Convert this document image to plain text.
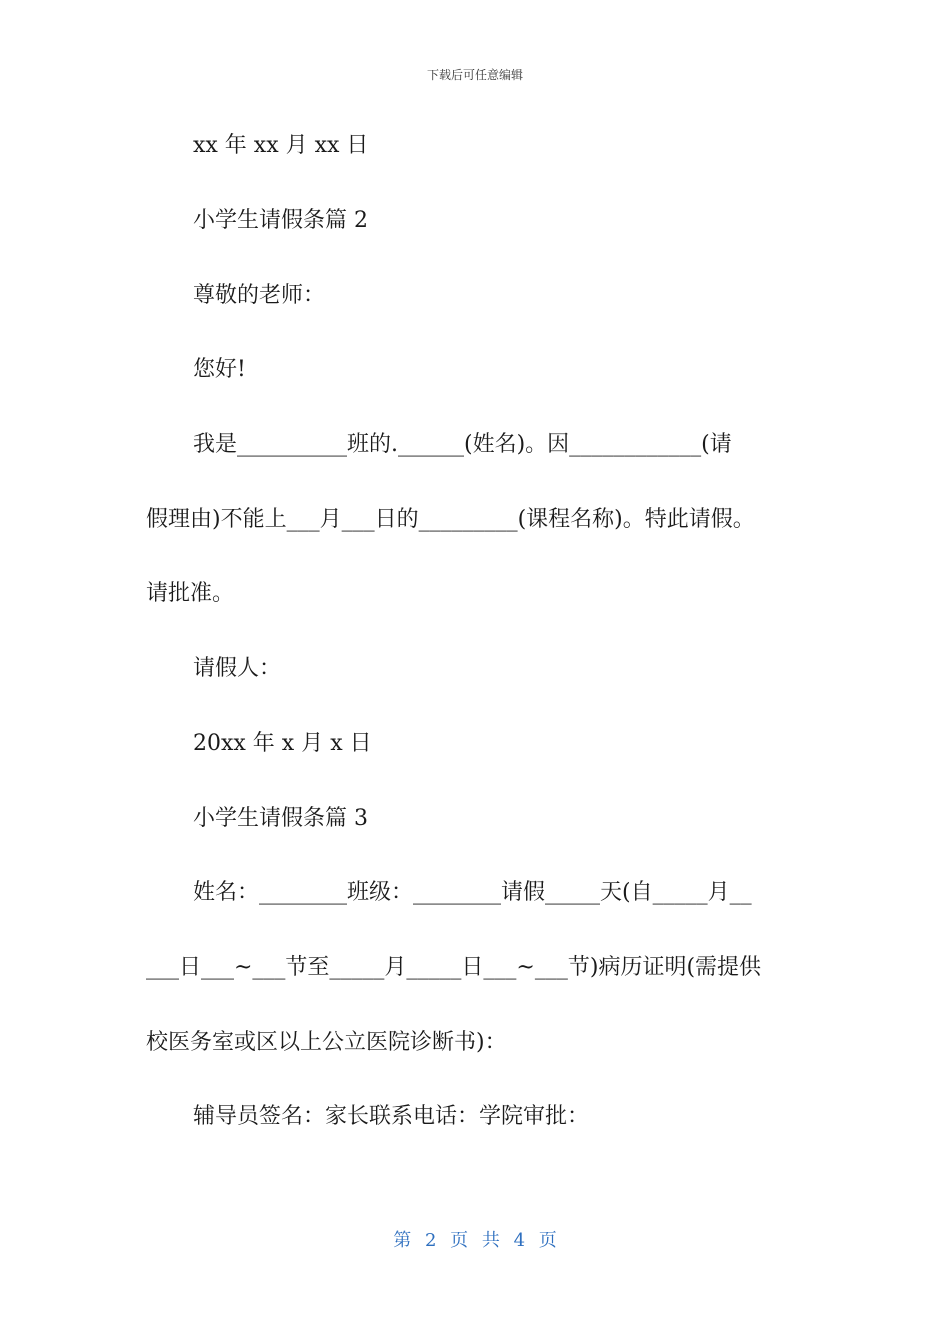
下载后可任意编辑
xx 年 xx 月 xx 日
小学生请假条篇 2
尊敬的老师：
您好!
我是__________班的.______(姓名)。因____________(请
假理由)不能上___月___日的_________(课程名称)。特此请假。
请批准。
请假人：
20xx 年 x 月 x 日
小学生请假条篇 3
姓名：________班级：________请假_____天(自_____月__
___日___~___节至_____月_____日___~___节)病历证明(需提供
校医务室或区以上公立医院诊断书)：
辅导员签名：家长联系电话：学院审批：
第 2 页 共 4 页
